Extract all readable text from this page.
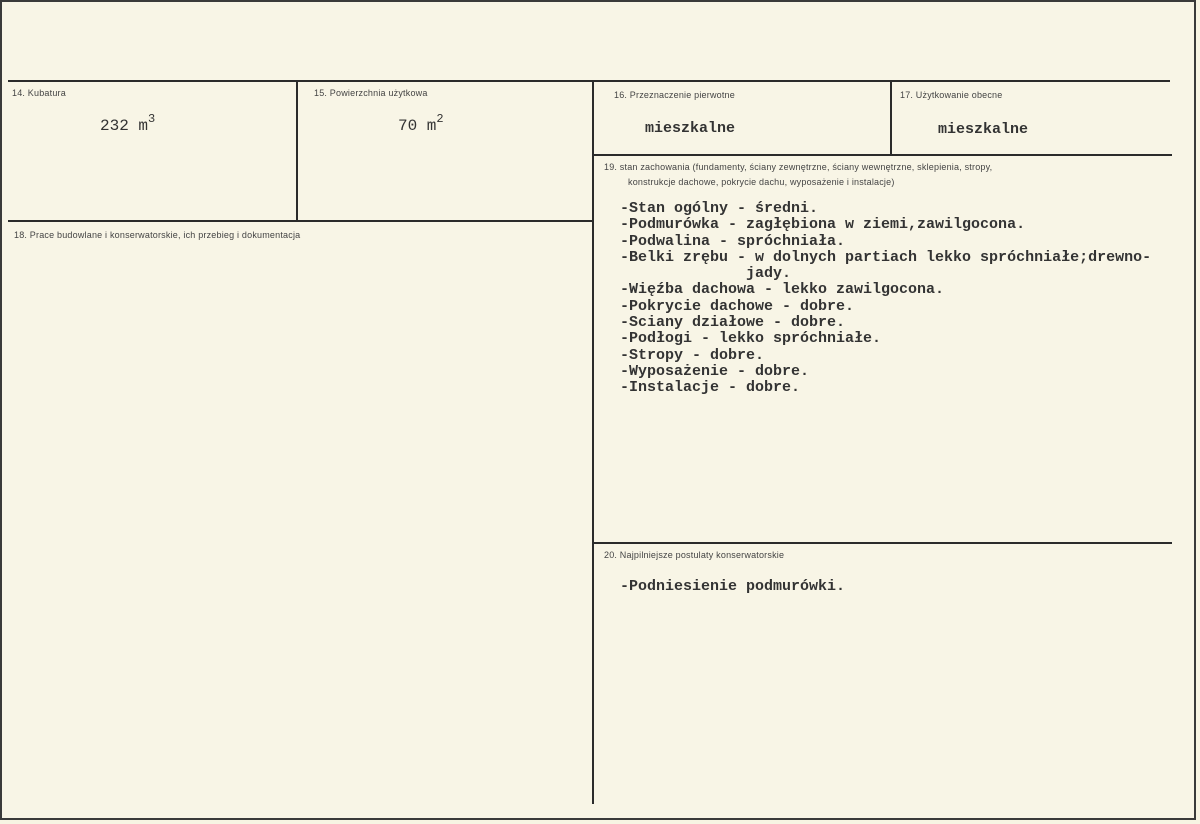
14. Kubatura
232 $m^3$
15. Powierzchnia użytkowa
70 $m^2$
16. Przeznaczenie pierwotne
mieszkalne
17. Użytkowanie obecne
mieszkalne
18. Prace budowlane i konserwatorskie, ich przebieg i dokumentacja
19. stan zachowania (fundamenty, ściany zewnętrzne, ściany wewnętrzne, sklepienia, stropy,
konstrukcje dachowe, pokrycie dachu, wyposażenie i instalacje)
-Stan ogólny - średni.
-Podmurówka - zagłębiona w ziemi,zawilgocona.
-Podwalina - spróchniała.
-Belki zrębu - w dolnych partiach lekko spróchniałe;drewno-
jady.
-Więźba dachowa - lekko zawilgocona.
-Pokrycie dachowe - dobre.
-Sciany działowe - dobre.
-Podłogi - lekko spróchniałe.
-Stropy - dobre.
-Wyposażenie - dobre.
-Instalacje - dobre.
20. Najpilniejsze postulaty konserwatorskie
-Podniesienie podmurówki.
